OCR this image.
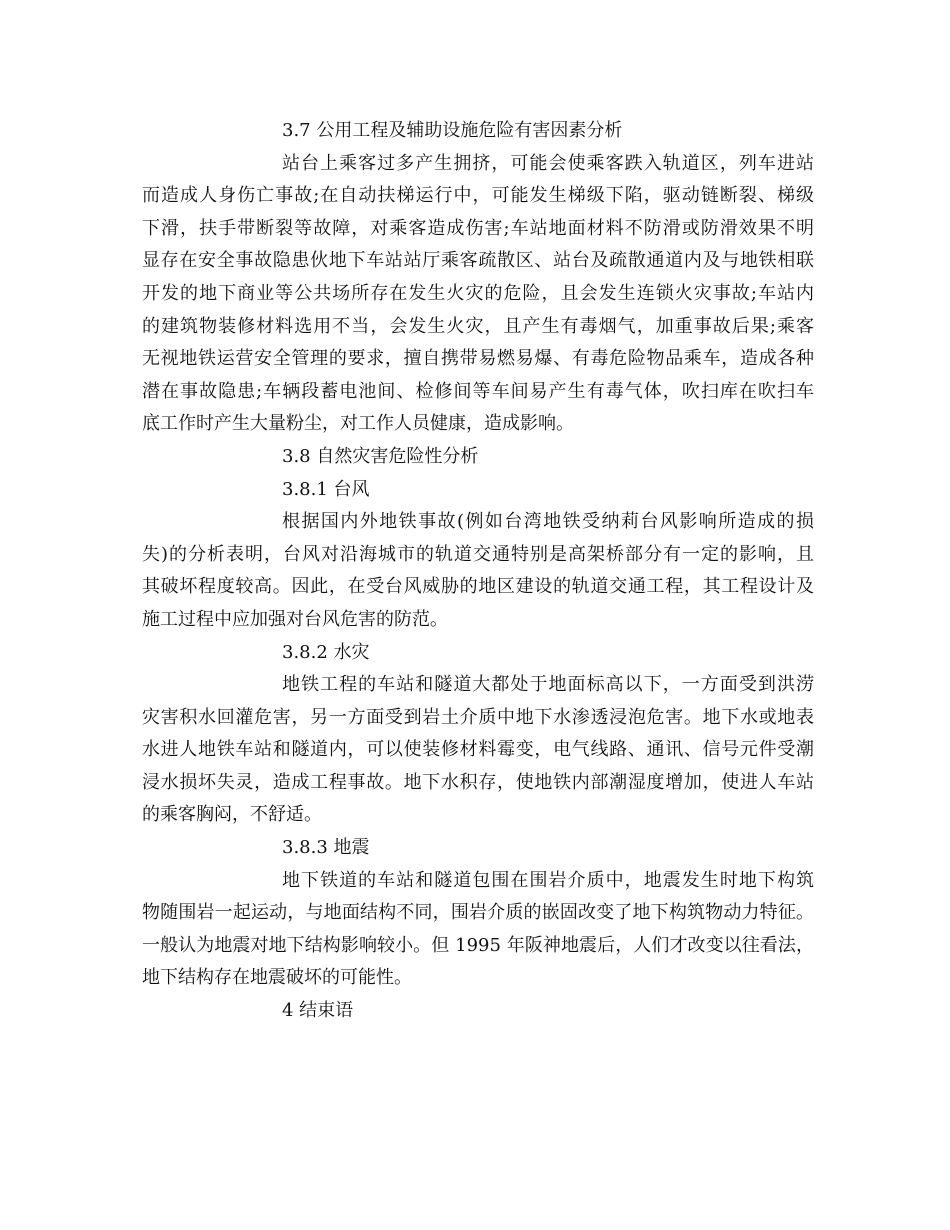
3.7 公用工程及辅助设施危险有害因素分析
站台上乘客过多产生拥挤，可能会使乘客跌入轨道区，列车进站
而造成人身伤亡事故;在自动扶梯运行中，可能发生梯级下陷，驱动链断裂、梯级
下滑，扶手带断裂等故障，对乘客造成伤害;车站地面材料不防滑或防滑效果不明
显存在安全事故隐患伙地下车站站厅乘客疏散区、站台及疏散通道内及与地铁相联
开发的地下商业等公共场所存在发生火灾的危险，且会发生连锁火灾事故;车站内
的建筑物装修材料选用不当，会发生火灾，且产生有毒烟气，加重事故后果;乘客
无视地铁运营安全管理的要求，擅自携带易燃易爆、有毒危险物品乘车，造成各种
潜在事故隐患;车辆段蓄电池间、检修间等车间易产生有毒气体，吹扫库在吹扫车
底工作时产生大量粉尘，对工作人员健康，造成影响。
3.8 自然灾害危险性分析
3.8.1 台风
根据国内外地铁事故(例如台湾地铁受纳莉台风影响所造成的损
失)的分析表明，台风对沿海城市的轨道交通特别是高架桥部分有一定的影响，且
其破坏程度较高。因此，在受台风威胁的地区建设的轨道交通工程，其工程设计及
施工过程中应加强对台风危害的防范。
3.8.2 水灾
地铁工程的车站和隧道大都处于地面标高以下，一方面受到洪涝
灾害积水回灌危害，另一方面受到岩土介质中地下水渗透浸泡危害。地下水或地表
水进人地铁车站和隧道内，可以使装修材料霉变，电气线路、通讯、信号元件受潮
浸水损坏失灵，造成工程事故。地下水积存，使地铁内部潮湿度增加，使进人车站
的乘客胸闷，不舒适。
3.8.3 地震
地下铁道的车站和隧道包围在围岩介质中，地震发生时地下构筑
物随围岩一起运动，与地面结构不同，围岩介质的嵌固改变了地下构筑物动力特征。
一般认为地震对地下结构影响较小。但 1995 年阪神地震后，人们才改变以往看法，
地下结构存在地震破坏的可能性。
4 结束语
